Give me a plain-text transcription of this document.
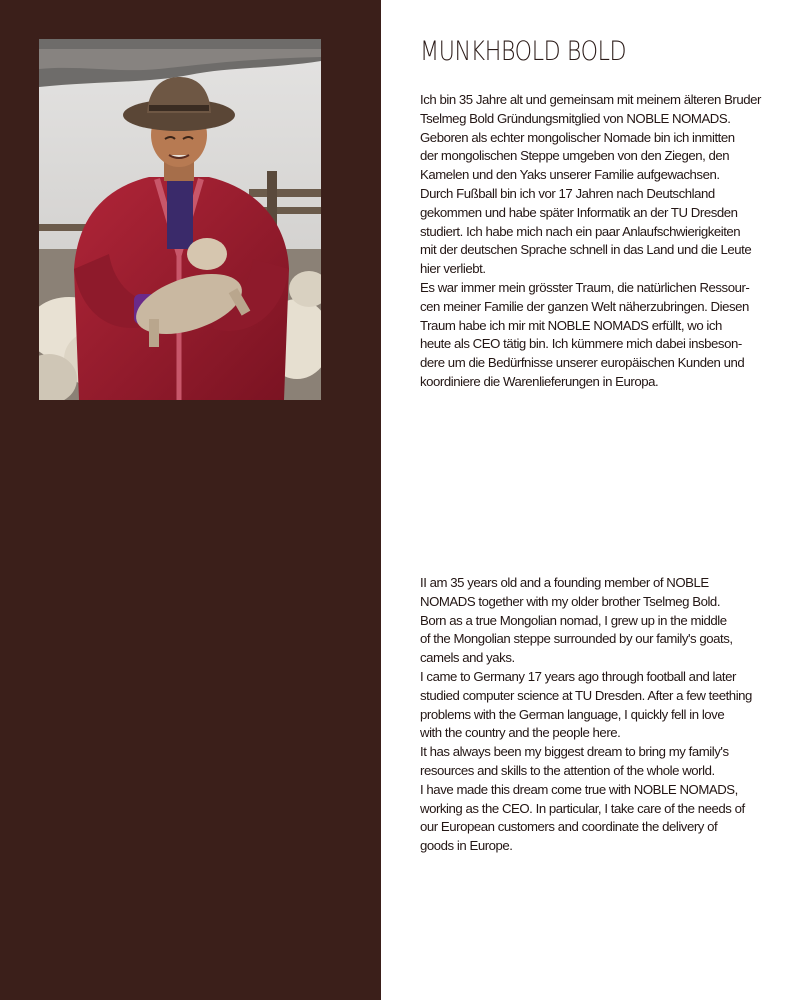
MUNKHBOLD BOLD
Ich bin 35 Jahre alt und gemeinsam mit meinem älteren Bruder
Tselmeg Bold Gründungsmitglied von NOBLE NOMADS.
Geboren als echter mongolischer Nomade bin ich inmitten
der mongolischen Steppe umgeben von den Ziegen, den
Kamelen und den Yaks unserer Familie aufgewachsen.
Durch Fußball bin ich vor 17 Jahren nach Deutschland
gekommen und habe später Informatik an der TU Dresden
studiert. Ich habe mich nach ein paar Anlaufschwierigkeiten
mit der deutschen Sprache schnell in das Land und die Leute
hier verliebt.
Es war immer mein grösster Traum, die natürlichen Ressour-
cen meiner Familie der ganzen Welt näherzubringen. Diesen
Traum habe ich mir mit NOBLE NOMADS erfüllt, wo ich
heute als CEO tätig bin. Ich kümmere mich dabei insbeson-
dere um die Bedürfnisse unserer europäischen Kunden und
koordiniere die Warenlieferungen in Europa.
II am 35 years old and a founding member of NOBLE
NOMADS together with my older brother Tselmeg Bold.
Born as a true Mongolian nomad, I grew up in the middle
of the Mongolian steppe surrounded by our family's goats,
camels and yaks.
I came to Germany 17 years ago through football and later
studied computer science at TU Dresden. After a few teething
problems with the German language, I quickly fell in love
with the country and the people here.
It has always been my biggest dream to bring my family's
resources and skills to the attention of the whole world.
I have made this dream come true with NOBLE NOMADS,
working as the CEO. In particular, I take care of the needs of
our European customers and coordinate the delivery of
goods in Europe.
